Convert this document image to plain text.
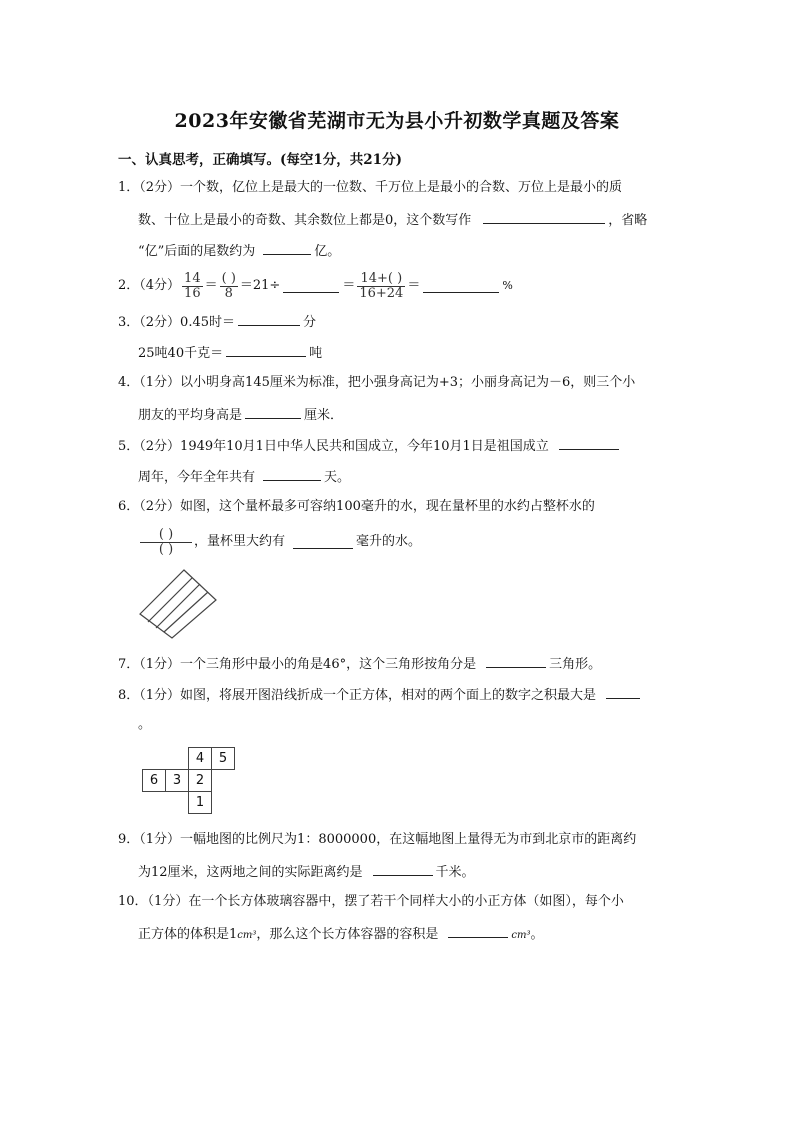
2023年安徽省芜湖市无为县小升初数学真题及答案
一、认真思考，正确填写。(每空1分，共21分)
1．（2分）一个数，亿位上是最大的一位数、千万位上是最小的合数、万位上是最小的质
数、十位上是最小的奇数、其余数位上都是0，这个数写作	，省略
“亿”后面的尾数约为	亿。
2．（4分） $\frac{14}{16} = \frac{( )}{8} =21\div$	＝ $\frac{14+( )}{16+24}$ ＝	%
3．（2分）0.45时＝	分
25吨40千克＝	吨
4．（1分）以小明身高145厘米为标准，把小强身高记为+3；小丽身高记为－6，则三个小
朋友的平均身高是	厘米．
5．（2分）1949年10月1日中华人民共和国成立，今年10月1日是祖国成立
周年，今年全年共有	天。
6．（2分）如图，这个量杯最多可容纳100毫升的水，现在量杯里的水约占整杯水的
$\frac{( )}{( )}$ ，量杯里大约有	毫升的水。
7．（1分）一个三角形中最小的角是46°，这个三角形按角分是	三角形。
8．（1分）如图，将展开图沿线折成一个正方体，相对的两个面上的数字之积最大是
。
4	5
6	3	2
1
9．（1分）一幅地图的比例尺为1：8000000，在这幅地图上量得无为市到北京市的距离约
为12厘米，这两地之间的实际距离约是	千米。
10．（1分）在一个长方体玻璃容器中，摆了若干个同样大小的小正方体（如图），每个小
正方体的体积是1cm³，那么这个长方体容器的容积是	cm³。
